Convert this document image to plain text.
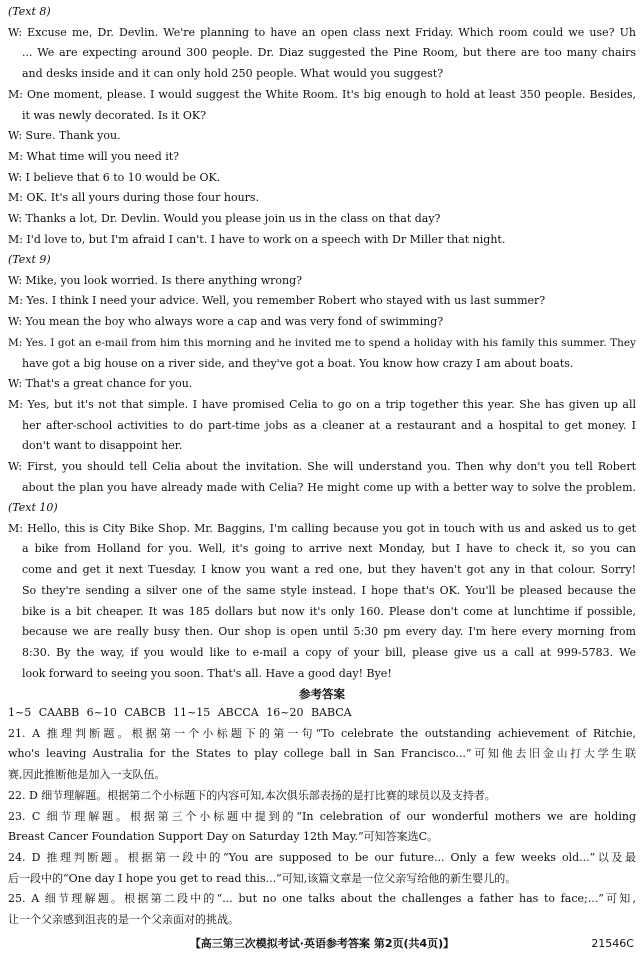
(Text 8)
W: Excuse me, Dr. Devlin. We're planning to have an open class next Friday. Which room could we use? Uh
... We are expecting around 300 people. Dr. Diaz suggested the Pine Room, but there are too many chairs
and desks inside and it can only hold 250 people. What would you suggest?
M: One moment, please. I would suggest the White Room. It's big enough to hold at least 350 people. Besides,
it was newly decorated. Is it OK?
W: Sure. Thank you.
M: What time will you need it?
W: I believe that 6 to 10 would be OK.
M: OK. It's all yours during those four hours.
W: Thanks a lot, Dr. Devlin. Would you please join us in the class on that day?
M: I'd love to, but I'm afraid I can't. I have to work on a speech with Dr Miller that night.
(Text 9)
W: Mike, you look worried. Is there anything wrong?
M: Yes. I think I need your advice. Well, you remember Robert who stayed with us last summer?
W: You mean the boy who always wore a cap and was very fond of swimming?
M: Yes. I got an e-mail from him this morning and he invited me to spend a holiday with his family this summer. They
have got a big house on a river side, and they've got a boat. You know how crazy I am about boats.
W: That's a great chance for you.
M: Yes, but it's not that simple. I have promised Celia to go on a trip together this year. She has given up all
her after-school activities to do part-time jobs as a cleaner at a restaurant and a hospital to get money. I
don't want to disappoint her.
W: First, you should tell Celia about the invitation. She will understand you. Then why don't you tell Robert
about the plan you have already made with Celia? He might come up with a better way to solve the problem.
(Text 10)
M: Hello, this is City Bike Shop. Mr. Baggins, I'm calling because you got in touch with us and asked us to get
a bike from Holland for you. Well, it's going to arrive next Monday, but I have to check it, so you can
come and get it next Tuesday. I know you want a red one, but they haven't got any in that colour. Sorry!
So they're sending a silver one of the same style instead. I hope that's OK. You'll be pleased because the
bike is a bit cheaper. It was 185 dollars but now it's only 160. Please don't come at lunchtime if possible,
because we are really busy then. Our shop is open until 5:30 pm every day. I'm here every morning from
8:30. By the way, if you would like to e-mail a copy of your bill, please give us a call at 999-5783. We
look forward to seeing you soon. That's all. Have a good day! Bye!
参考答案
1~5 CAABB 6~10 CABCB 11~15 ABCCA 16~20 BABCA
21. A 推理判断题。根据第一个小标题下的第一句“To celebrate the outstanding achievement of Ritchie,
who's leaving Australia for the States to play college ball in San Francisco...”可知他去旧金山打大学生联
赛,因此推断他是加入一支队伍。
22. D 细节理解题。根据第二个小标题下的内容可知,本次俱乐部表扬的是打比赛的球员以及支持者。
23. C 细节理解题。根据第三个小标题中提到的“In celebration of our wonderful mothers we are holding
Breast Cancer Foundation Support Day on Saturday 12th May.”可知答案选C。
24. D 推理判断题。根据第一段中的“You are supposed to be our future... Only a few weeks old...”以及最
后一段中的“One day I hope you get to read this...”可知,该篇文章是一位父亲写给他的新生婴儿的。
25. A 细节理解题。根据第二段中的“... but no one talks about the challenges a father has to face;...”可知,
让一个父亲感到沮丧的是一个父亲面对的挑战。
【高三第三次模拟考试·英语参考答案 第2页(共4页)】	21546C
